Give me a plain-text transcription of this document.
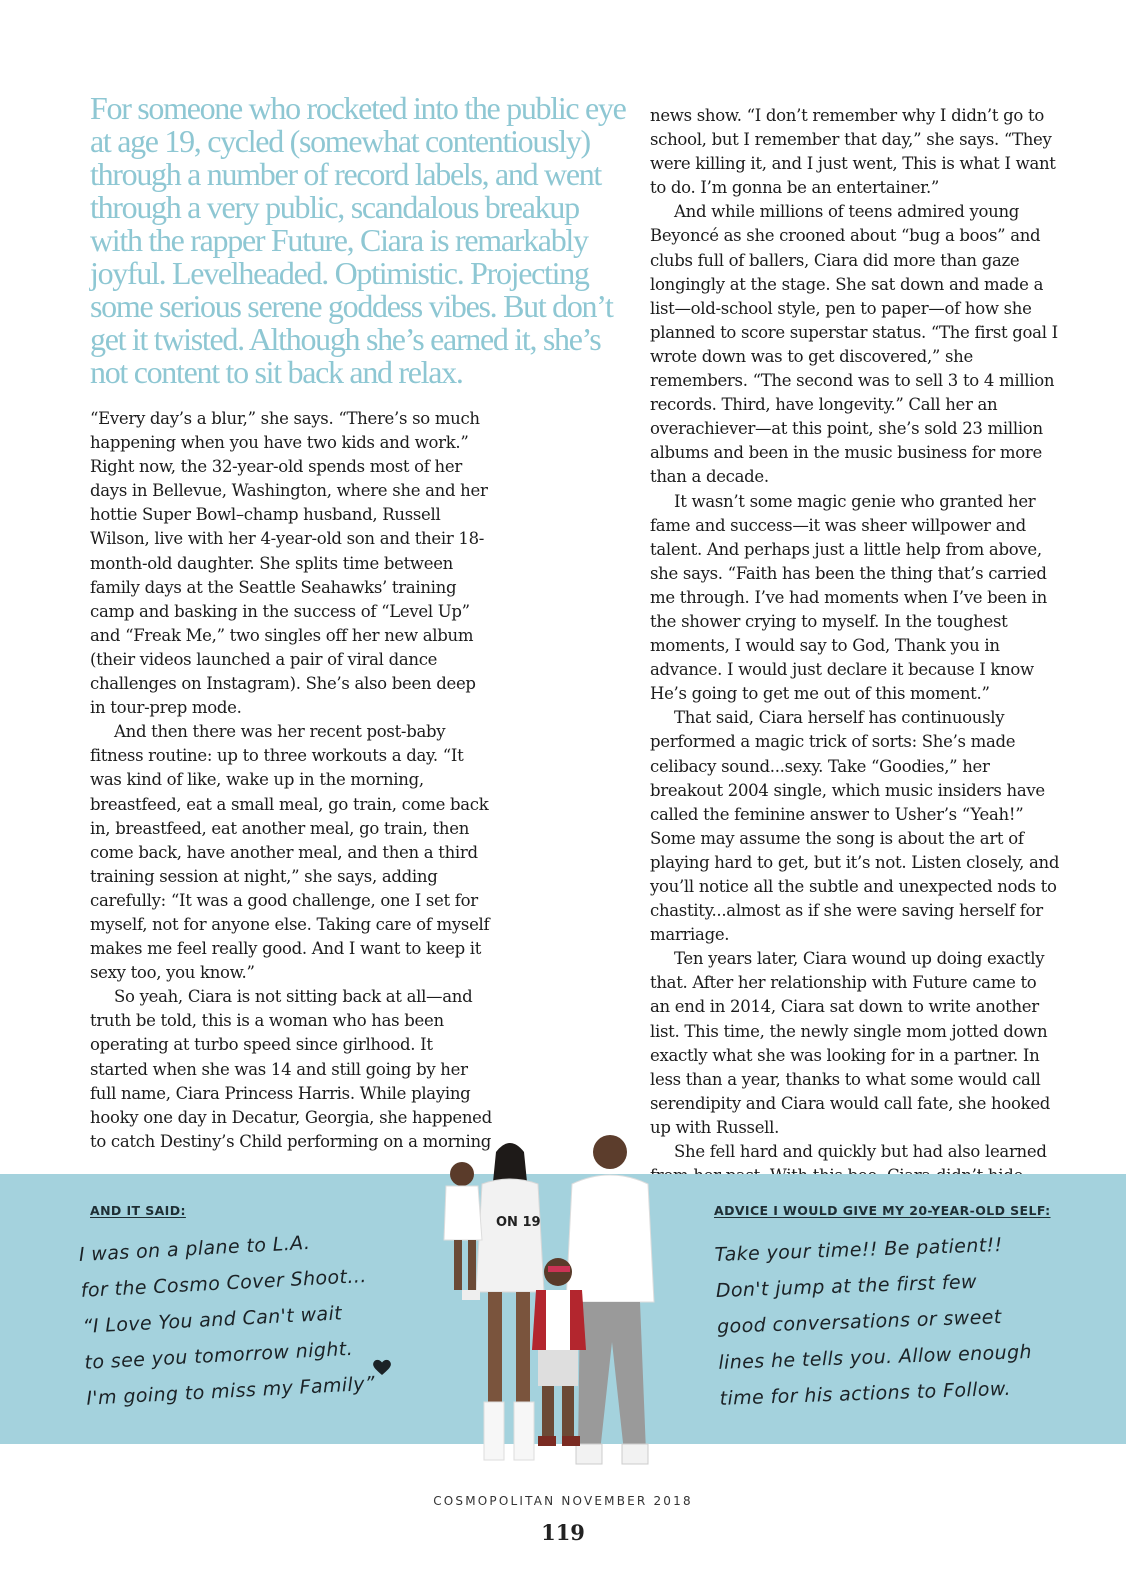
For someone who rocketed into the public eye at age 19, cycled (somewhat contentiously) through a number of record labels, and went through a very public, scandalous breakup with the rapper Future, Ciara is remarkably joyful. Levelheaded. Optimistic. Projecting some serious serene goddess vibes. But don’t get it twisted. Although she’s earned it, she’s not content to sit back and relax.

“Every day’s a blur,” she says. “There’s so much happening when you have two kids and work.” Right now, the 32-year-old spends most of her days in Bellevue, Washington, where she and her hottie Super Bowl–champ husband, Russell Wilson, live with her 4-year-old son and their 18-month-old daughter. She splits time between family days at the Seattle Seahawks’ training camp and basking in the success of “Level Up” and “Freak Me,” two singles off her new album (their videos launched a pair of viral dance challenges on Instagram). She’s also been deep in tour-prep mode.

And then there was her recent post-baby fitness routine: up to three workouts a day. “It was kind of like, wake up in the morning, breastfeed, eat a small meal, go train, come back in, breastfeed, eat another meal, go train, then come back, have another meal, and then a third training session at night,” she says, adding carefully: “It was a good challenge, one I set for myself, not for anyone else. Taking care of myself makes me feel really good. And I want to keep it sexy too, you know.”

So yeah, Ciara is not sitting back at all—and truth be told, this is a woman who has been operating at turbo speed since girlhood. It started when she was 14 and still going by her full name, Ciara Princess Harris. While playing hooky one day in Decatur, Georgia, she happened to catch Destiny’s Child performing on a morning

news show. “I don’t remember why I didn’t go to school, but I remember that day,” she says. “They were killing it, and I just went, This is what I want to do. I’m gonna be an entertainer.”

And while millions of teens admired young Beyoncé as she crooned about “bug a boos” and clubs full of ballers, Ciara did more than gaze longingly at the stage. She sat down and made a list—old-school style, pen to paper—of how she planned to score superstar status. “The first goal I wrote down was to get discovered,” she remembers. “The second was to sell 3 to 4 million records. Third, have longevity.” Call her an overachiever—at this point, she’s sold 23 million albums and been in the music business for more than a decade.

It wasn’t some magic genie who granted her fame and success—it was sheer willpower and talent. And perhaps just a little help from above, she says. “Faith has been the thing that’s carried me through. I’ve had moments when I’ve been in the shower crying to myself. In the toughest moments, I would say to God, Thank you in advance. I would just declare it because I know He’s going to get me out of this moment.”

That said, Ciara herself has continuously performed a magic trick of sorts: She’s made celibacy sound...sexy. Take “Goodies,” her breakout 2004 single, which music insiders have called the feminine answer to Usher’s “Yeah!” Some may assume the song is about the art of playing hard to get, but it’s not. Listen closely, and you’ll notice all the subtle and unexpected nods to chastity...almost as if she were saving herself for marriage.

Ten years later, Ciara wound up doing exactly that. After her relationship with Future came to an end in 2014, Ciara sat down to write another list. This time, the newly single mom jotted down exactly what she was looking for in a partner. In less than a year, thanks to what some would call serendipity and Ciara would call fate, she hooked up with Russell.

She fell hard and quickly but had also learned

AND IT SAID:
I was on a plane to L.A.
for the Cosmo Cover Shoot...
“I Love You and Can't wait
to see you tomorrow night.
I'm going to miss my Family”
ADVICE I WOULD GIVE MY 20-YEAR-OLD SELF:
Take your time!! Be patient!!
Don't jump at the first few
good conversations or sweet
lines he tells you. Allow enough
time for his actions to Follow.
ON 19
COSMOPOLITAN NOVEMBER 2018
119
